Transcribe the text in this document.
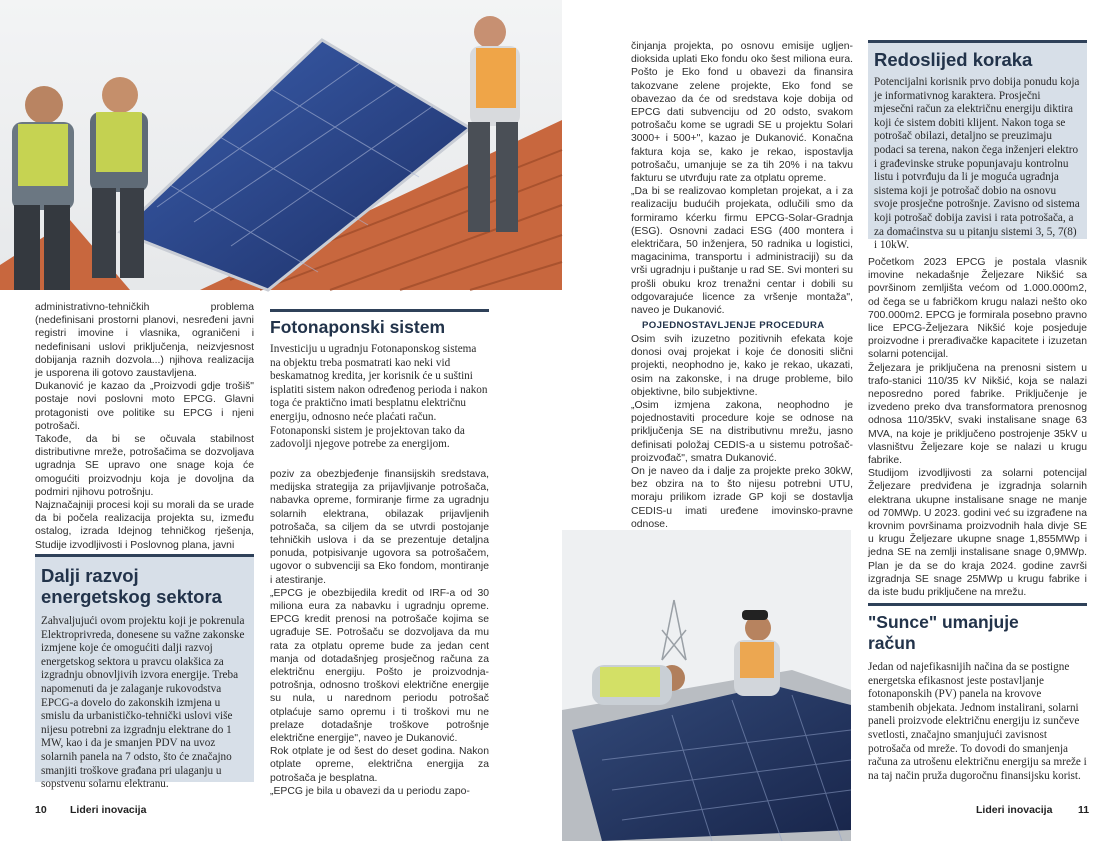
administrativno-tehničkih problema (nedefinisani prostorni planovi, nesređeni javni registri imovine i vlasnika, ograničeni i nedefinisani uslovi priključenja, neizvjesnost dobijanja raznih dozvola...) njihova realizacija je usporena ili gotovo zaustavljena.
Dukanović je kazao da „Proizvodi gdje trošiš" postaje novi poslovni moto EPCG. Glavni protagonisti ove politike su EPCG i njeni potrošači.
Takođe, da bi se očuvala stabilnost distributivne mreže, potrošačima se dozvoljava ugradnja SE upravo one snage koja će omogućiti proizvodnju koja je dovoljna da podmiri njihovu potrošnju.
Najznačajniji procesi koji su morali da se urade da bi počela realizacija projekta su, između ostalog, izrada Idejnog tehničkog rješenja, Studije izvodljivosti i Poslovnog plana, javni
Dalji razvoj energetskog sektora
Zahvaljujući ovom projektu koji je pokrenula Elektroprivreda, donesene su važne zakonske izmjene koje će omogućiti dalji razvoj energetskog sektora u pravcu olakšica za izgradnju obnovljivih izvora energije. Treba napomenuti da je zalaganje rukovodstva EPCG-a dovelo do zakonskih izmjena u smislu da urbanističko-tehnički uslovi više nijesu potrebni za izgradnju elektrane do 1 MW, kao i da je smanjen PDV na uvoz solarnih panela na 7 odsto, što će značajno smanjiti troškove građana pri ulaganju u sopstvenu solarnu elektranu.
Fotonaponski sistem
Investiciju u ugradnju Fotonaponskog sistema na objektu treba posmatrati kao neki vid beskamatnog kredita, jer korisnik će u suštini isplatiti sistem nakon određenog perioda i nakon toga će praktično imati besplatnu električnu energiju, odnosno neće plaćati račun. Fotonaponski sistem je projektovan tako da zadovolji njegove potrebe za energijom.
poziv za obezbjeđenje finansijskih sredstava, medijska strategija za prijavljivanje potrošača, nabavka opreme, formiranje firme za ugradnju solarnih elektrana, obilazak prijavljenih potrošača, sa ciljem da se utvrdi postojanje tehničkih uslova i da se prezentuje detaljna ponuda, potpisivanje ugovora sa potrošačem, ugovor o subvenciji sa Eko fondom, montiranje i atestiranje.
„EPCG je obezbijedila kredit od IRF-a od 30 miliona eura za nabavku i ugradnju opreme. EPCG kredit prenosi na potrošače kojima se ugrađuje SE. Potrošaču se dozvoljava da mu rata za otplatu opreme bude za jedan cent manja od dotadašnjeg prosječnog računa za električnu energiju. Pošto je proizvodnja-potrošnja, odnosno troškovi električne energije su nula, u narednom periodu potrošač otplaćuje samo opremu i ti troškovi mu ne prelaze dotadašnje troškove potrošnje električne energije", naveo je Dukanović.
Rok otplate je od šest do deset godina. Nakon otplate opreme, električna energija za potrošača je besplatna.
„EPCG je bila u obavezi da u periodu zapo-
10 Lideri inovacija
činjanja projekta, po osnovu emisije ugljen-dioksida uplati Eko fondu oko šest miliona eura. Pošto je Eko fond u obavezi da finansira takozvane zelene projekte, Eko fond se obavezao da će od sredstava koje dobija od EPCG dati subvenciju od 20 odsto, svakom potrošaču kome se ugradi SE u projektu Solari 3000+ i 500+", kazao je Dukanović. Konačna faktura koja se, kako je rekao, ispostavlja potrošaču, umanjuje se za tih 20% i na takvu fakturu se utvrđuju rate za otplatu opreme.
„Da bi se realizovao kompletan projekat, a i za realizaciju budućih projekata, odlučili smo da formiramo kćerku firmu EPCG-Solar-Gradnja (ESG). Osnovni zadaci ESG (400 montera i električara, 50 inženjera, 50 radnika u logistici, magacinima, transportu i administraciji) su da vrši ugradnju i puštanje u rad SE. Svi monteri su prošli obuku kroz trenažni centar i dobili su odgovarajuće licence za vršenje montaža", naveo je Dukanović.
POJEDNOSTAVLJENJE PROCEDURA
Osim svih izuzetno pozitivnih efekata koje donosi ovaj projekat i koje će donositi slični projekti, neophodno je, kako je rekao, ukazati, osim na zakonske, i na druge probleme, bilo objektivne, bilo subjektivne.
„Osim izmjena zakona, neophodno je pojednostaviti procedure koje se odnose na priključenja SE na distributivnu mrežu, jasno definisati položaj CEDIS-a u sistemu potrošač-proizvođač", smatra Dukanović.
On je naveo da i dalje za projekte preko 30kW, bez obzira na to što nijesu potrebni UTU, moraju prilikom izrade GP koji se dostavlja CEDIS-u imati uređene imovinsko-pravne odnose.
Redoslijed koraka
Potencijalni korisnik prvo dobija ponudu koja je informativnog karaktera. Prosječni mjesečni račun za električnu energiju diktira koji će sistem dobiti klijent. Nakon toga se potrošač obilazi, detaljno se preuzimaju podaci sa terena, nakon čega inženjeri elektro i građevinske struke popunjavaju kontrolnu listu i potvrđuju da li je moguća ugradnja sistema koji je potrošač dobio na osnovu svoje prosječne potrošnje. Zavisno od sistema koji potrošač dobija zavisi i rata potrošača, a za domaćinstva su u pitanju sistemi 3, 5, 7(8) i 10kW.
Početkom 2023 EPCG je postala vlasnik imovine nekadašnje Željezare Nikšić sa površinom zemljišta većom od 1.000.000m2, od čega se u fabričkom krugu nalazi nešto oko 700.000m2. EPCG je formirala posebno pravno lice EPCG-Željezara Nikšić koje posjeduje proizvodne i prerađivačke kapacitete i izuzetan solarni potencijal.
Željezara je priključena na prenosni sistem u trafo-stanici 110/35 kV Nikšić, koja se nalazi neposredno pored fabrike. Priključenje je izvedeno preko dva transformatora prenosnog odnosa 110/35kV, svaki instalisane snage 63 MVA, na koje je priključeno postrojenje 35kV u vlasništvu Željezare koje se nalazi u krugu fabrike.
Studijom izvodljivosti za solarni potencijal Željezare predviđena je izgradnja solarnih elektrana ukupne instalisane snage ne manje od 70MWp. U 2023. godini već su izgrađene na krovnim površinama proizvodnih hala divje SE u krugu Željezare ukupne snage 1,855MWp i jedna SE na zemlji instalisane snage 0,9MWp. Plan je da se do kraja 2024. godine završi izgradnja SE snage 25MWp u krugu fabrike i da iste budu priključene na mrežu.
"Sunce" umanjuje račun
Jedan od najefikasnijih načina da se postigne energetska efikasnost jeste postavljanje fotonaponskih (PV) panela na krovove stambenih objekata. Jednom instalirani, solarni paneli proizvode električnu energiju iz sunčeve svetlosti, značajno smanjujući zavisnost potrošača od mreže. To dovodi do smanjenja računa za utrošenu električnu energiju sa mreže i na taj način pruža dugoročnu finansijsku korist.
Lideri inovacija 11
